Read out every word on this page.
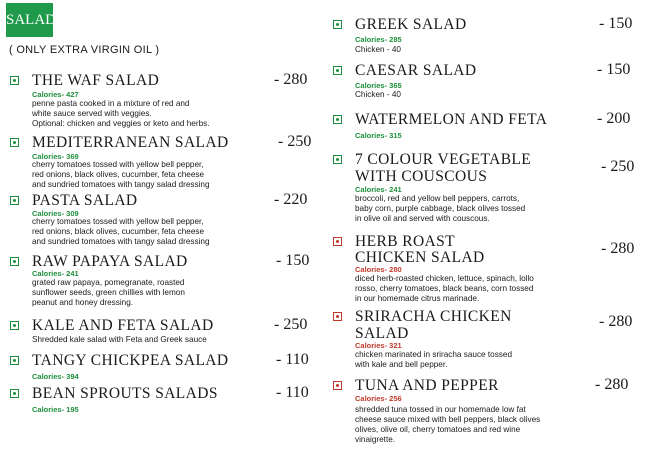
SALADS
( ONLY EXTRA VIRGIN OIL )
THE WAF SALAD	- 280
Calories- 427
penne pasta cooked in a mixture of red and
white sauce served with veggies.
Optional: chicken and veggies or keto and herbs.
MEDITERRANEAN SALAD	- 250
Calories- 369
cherry tomatoes tossed with yellow bell pepper,
red onions, black olives, cucumber, feta cheese
and sundried tomatoes with tangy salad dressing
PASTA SALAD	- 220
Calories- 309
cherry tomatoes tossed with yellow bell pepper,
red onions, black olives, cucumber, feta cheese
and sundried tomatoes with tangy salad dressing
RAW PAPAYA SALAD	- 150
Calories- 241
grated raw papaya, pomegranate, roasted
sunflower seeds, green chillies with lemon
peanut and honey dressing.
KALE AND FETA SALAD	- 250
Shredded kale salad with Feta and Greek sauce
TANGY CHICKPEA SALAD	- 110
Calories- 394
BEAN SPROUTS SALADS	- 110
Calories- 195
GREEK SALAD	- 150
Calories- 285
Chicken - 40
CAESAR SALAD	- 150
Calories- 365
Chicken - 40
WATERMELON AND FETA	- 200
Calories- 315
7 COLOUR VEGETABLE
WITH COUSCOUS
- 250
Calories- 241
broccoli, red and yellow bell peppers, carrots,
baby corn, purple cabbage, black olives tossed
in olive oil and served with couscous.
HERB ROAST
CHICKEN SALAD
- 280
Calories- 280
diced herb-roasted chicken, lettuce, spinach, lollo
rosso, cherry tomatoes, black beans, corn tossed
in our homemade citrus marinade.
SRIRACHA CHICKEN
SALAD
- 280
Calories- 321
chicken marinated in sriracha sauce tossed
with kale and bell pepper.
TUNA AND PEPPER	- 280
Calories- 256
shredded tuna tossed in our homemade low fat
cheese sauce mixed with bell peppers, black olives
olives, olive oil, cherry tomatoes and red wine
vinaigrette.
